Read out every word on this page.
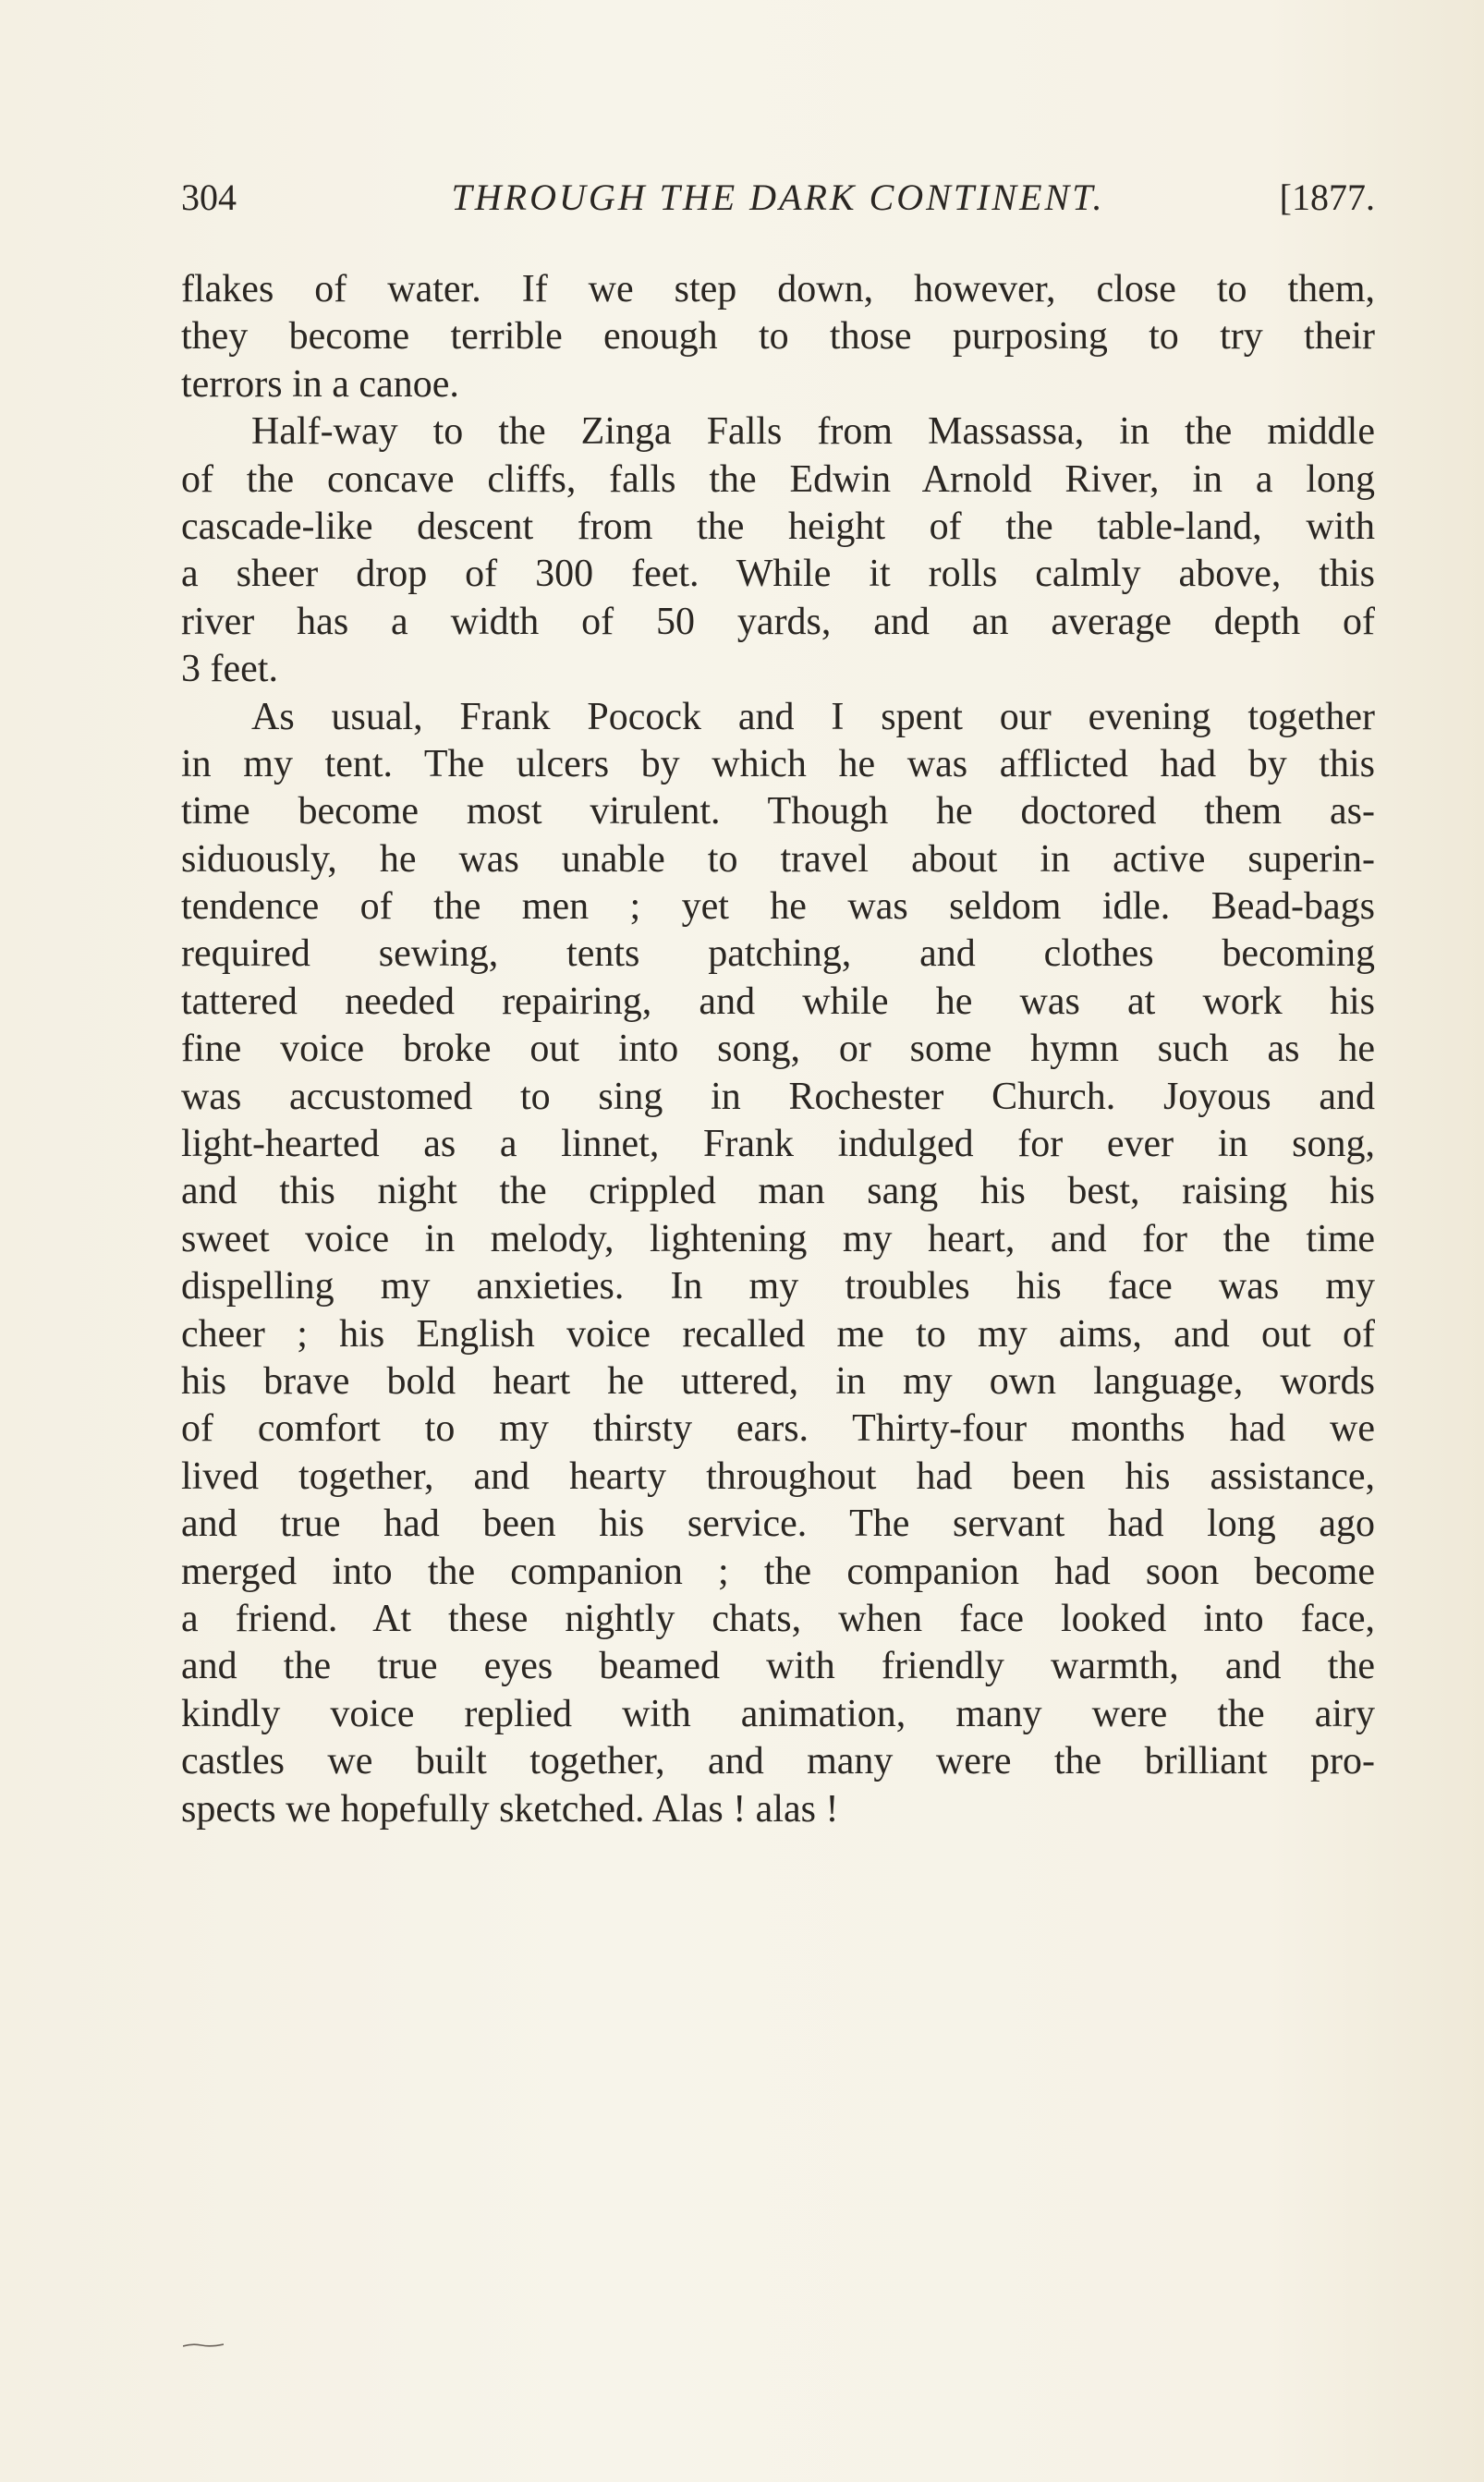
304	THROUGH THE DARK CONTINENT.	[1877.
flakes of water. If we step down, however, close to them,
they become terrible enough to those purposing to try their
terrors in a canoe.
Half-way to the Zinga Falls from Massassa, in the middle
of the concave cliffs, falls the Edwin Arnold River, in a long
cascade-like descent from the height of the table-land, with
a sheer drop of 300 feet. While it rolls calmly above, this
river has a width of 50 yards, and an average depth of
3 feet.
As usual, Frank Pocock and I spent our evening together
in my tent. The ulcers by which he was afflicted had by this
time become most virulent. Though he doctored them as-
siduously, he was unable to travel about in active superin-
tendence of the men ; yet he was seldom idle. Bead-bags
required sewing, tents patching, and clothes becoming
tattered needed repairing, and while he was at work his
fine voice broke out into song, or some hymn such as he
was accustomed to sing in Rochester Church. Joyous and
light-hearted as a linnet, Frank indulged for ever in song,
and this night the crippled man sang his best, raising his
sweet voice in melody, lightening my heart, and for the time
dispelling my anxieties. In my troubles his face was my
cheer ; his English voice recalled me to my aims, and out of
his brave bold heart he uttered, in my own language, words
of comfort to my thirsty ears. Thirty-four months had we
lived together, and hearty throughout had been his assistance,
and true had been his service. The servant had long ago
merged into the companion ; the companion had soon become
a friend. At these nightly chats, when face looked into face,
and the true eyes beamed with friendly warmth, and the
kindly voice replied with animation, many were the airy
castles we built together, and many were the brilliant pro-
spects we hopefully sketched. Alas ! alas !
